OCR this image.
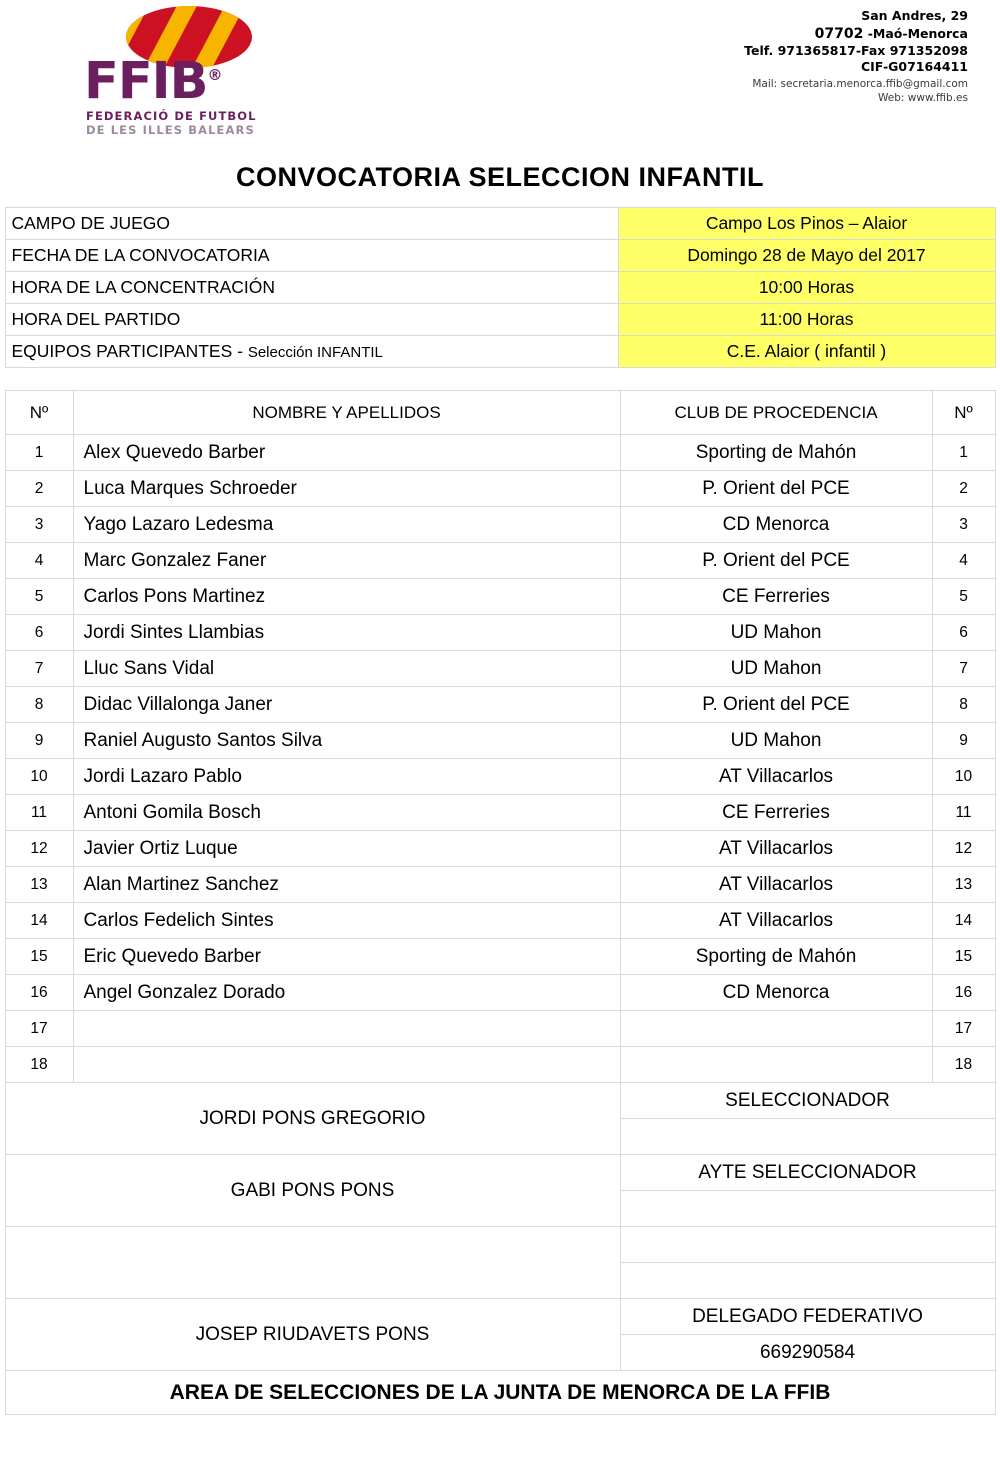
FFIB®
FEDERACIÓ DE FUTBOL
DE LES ILLES BALEARS
San Andres, 29
07702 -Maó-Menorca
Telf. 971365817-Fax 971352098
CIF-G07164411
Mail: secretaria.menorca.ffib@gmail.com
Web: www.ffib.es
CONVOCATORIA SELECCION INFANTIL
CAMPO DE JUEGO	Campo Los Pinos – Alaior
FECHA DE LA CONVOCATORIA	Domingo 28 de Mayo del 2017
HORA DE LA CONCENTRACIÓN	10:00 Horas
HORA DEL PARTIDO	11:00 Horas
EQUIPOS PARTICIPANTES - Selección INFANTIL	C.E. Alaior ( infantil )
Nº	NOMBRE Y APELLIDOS	CLUB DE PROCEDENCIA	Nº
1	Alex Quevedo Barber	Sporting de Mahón	1
2	Luca Marques Schroeder	P. Orient del PCE	2
3	Yago Lazaro Ledesma	CD Menorca	3
4	Marc Gonzalez Faner	P. Orient del PCE	4
5	Carlos Pons Martinez	CE Ferreries	5
6	Jordi Sintes Llambias	UD Mahon	6
7	Lluc Sans Vidal	UD Mahon	7
8	Didac Villalonga Janer	P. Orient del PCE	8
9	Raniel Augusto Santos Silva	UD Mahon	9
10	Jordi Lazaro Pablo	AT Villacarlos	10
11	Antoni Gomila Bosch	CE Ferreries	11
12	Javier Ortiz Luque	AT Villacarlos	12
13	Alan Martinez Sanchez	AT Villacarlos	13
14	Carlos Fedelich Sintes	AT Villacarlos	14
15	Eric Quevedo Barber	Sporting de Mahón	15
16	Angel Gonzalez Dorado	CD Menorca	16
17			17
18			18
JORDI PONS GREGORIO		SELECCIONADOR	

GABI PONS PONS		AYTE SELECCIONADOR	

JOSEP RIUDAVETS PONS		DELEGADO FEDERATIVO	
		669290584	
AREA DE SELECCIONES DE LA JUNTA DE MENORCA DE LA FFIB			
